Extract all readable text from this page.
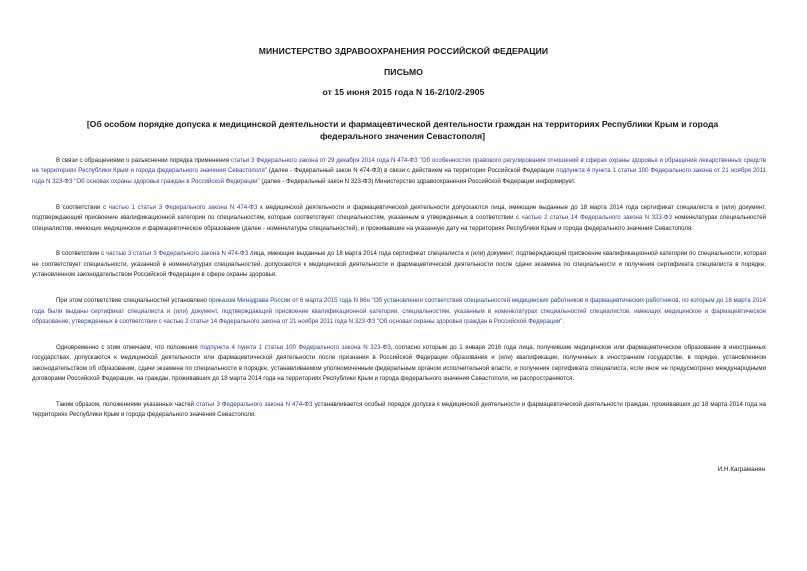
МИНИСТЕРСТВО ЗДРАВООХРАНЕНИЯ РОССИЙСКОЙ ФЕДЕРАЦИИ
ПИСЬМО
от 15 июня 2015 года N 16-2/10/2-2905
[Об особом порядке допуска к медицинской деятельности и фармацевтической деятельности граждан на территориях Республики Крым и города федерального значения Севастополя]

В связи с обращениями о разъяснении порядка применения статьи 3 Федерального закона от 29 декабря 2014 года N 474-ФЗ "Об особенностях правового регулирования отношений в сферах охраны здоровья и обращения лекарственных средств на территориях Республики Крым и города федерального значения Севастополя" (далее - Федеральный закон N 474-ФЗ) в связи с действием на территории Российской Федерации подпункта 4 пункта 1 статьи 100 Федерального закона от 21 ноября 2011 года N 323-ФЗ "Об основах охраны здоровья граждан в Российской Федерации" (далее - Федеральный закон N 323-ФЗ) Министерство здравоохранения Российской Федерации информирует.

В соответствии с частью 1 статьи 3 Федерального закона N 474-ФЗ к медицинской деятельности и фармацевтической деятельности допускаются лица, имеющие выданные до 18 марта 2014 года сертификат специалиста и (или) документ, подтверждающий присвоение квалификационной категории по специальностям, которые соответствуют специальностям, указанным в утвержденных в соответствии с частью 2 статьи 14 Федерального закона N 323-ФЗ номенклатурах специальностей специалистов, имеющих медицинское и фармацевтическое образование (далее - номенклатуры специальностей), и проживавшие на указанную дату на территориях Республики Крым и города федерального значения Севастополя.

В соответствии с частью 3 статьи 3 Федерального закона N 474-ФЗ лица, имеющие выданные до 18 марта 2014 года сертификат специалиста и (или) документ, подтверждающий присвоение квалификационной категории по специальности, которая не соответствует специальности, указанной в номенклатурах специальностей, допускаются к медицинской деятельности и фармацевтической деятельности после сдачи экзамена по специальности и получения сертификата специалиста в порядке, установленном законодательством Российской Федерации в сфере охраны здоровья.

При этом соответствие специальностей установлено приказом Минздрава России от 6 марта 2015 года N 86н "Об установлении соответствия специальностей медицинских работников и фармацевтических работников, по которым до 18 марта 2014 года были выданы сертификат специалиста и (или) документ, подтверждающий присвоение квалификационной категории, специальностям, указанным в номенклатурах специальностей специалистов, имеющих медицинское и фармацевтическое образование, утвержденных в соответствии с частью 2 статьи 14 Федерального закона от 21 ноября 2011 года N 323-ФЗ "Об основах охраны здоровья граждан в Российской Федерации".

Одновременно с этим отмечаем, что положения подпункта 4 пункта 1 статьи 100 Федерального закона N 323-ФЗ, согласно которым до 1 января 2016 года лица, получившие медицинское или фармацевтическое образование в иностранных государствах, допускаются к медицинской деятельности или фармацевтической деятельности после признания в Российской Федерации образования и (или) квалификации, полученных в иностранном государстве, в порядке, установленном законодательством об образовании, сдачи экзамена по специальности в порядке, устанавливаемом уполномоченным федеральным органом исполнительной власти, и получения сертификата специалиста, если иное не предусмотрено международными договорами Российской Федерации, на граждан, проживавших до 18 марта 2014 года на территориях Республики Крым и города федерального значения Севастополя, не распространяются.

Таким образом, положениями указанных частей статьи 3 Федерального закона N 474-ФЗ устанавливается особый порядок допуска к медицинской деятельности и фармацевтической деятельности граждан, проживавших до 18 марта 2014 года на территориях Республики Крым и города федерального значения Севастополя.

И.Н.Каграманян
